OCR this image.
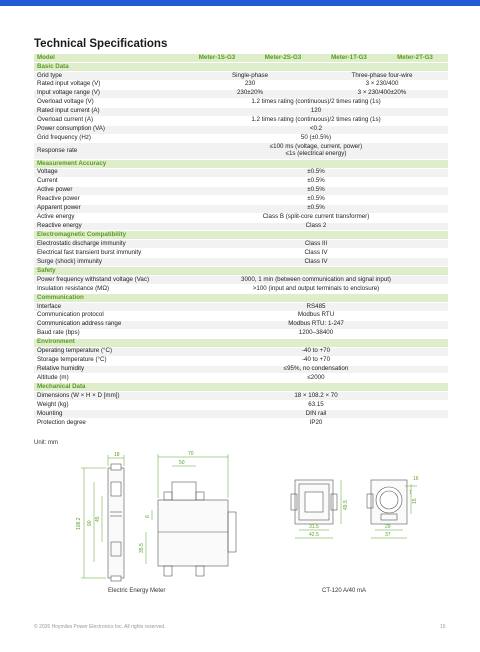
Technical Specifications
Model	Meter-1S-G3	Meter-2S-G3	Meter-1T-G3	Meter-2T-G3
Basic Data				
Grid type	Single-phase		Three-phase four-wire	
Rated input voltage (V)	230		3 × 230/400	
Input voltage range (V)	230±20%		3 × 230/400±20%	
Overload voltage (V)	1.2 times rating (continuous)/2 times rating (1s)			
Rated input current (A)	120			
Overload current (A)	1.2 times rating (continuous)/2 times rating (1s)			
Power consumption (VA)	<0.2			
Grid frequency (Hz)	50 (±0.5%)			
Response rate	≤100 ms (voltage, current, power)
≤1s (electrical energy)			

Measurement Accuracy				
Voltage	±0.5%			
Current	±0.5%			
Active power	±0.5%			
Reactive power	±0.5%			
Apparent power	±0.5%			
Active energy	Class B (split-core current transformer)			
Reactive energy	Class 2			
Electromagnetic Compatibility				
Electrostatic discharge immunity	Class III			
Electrical fast transient burst immunity	Class IV			
Surge (shock) immunity	Class IV			
Safety				
Power frequency withstand voltage (Vac)	3000, 1 min (between communication and signal input)			
Insulation resistance (MΩ)	>100 (input and output terminals to enclosure)			
Communication				
Interface	RS485			
Communication protocol	Modbus RTU			
Communication address range	Modbus RTU: 1-247			
Baud rate (bps)	1200–38400			
Environment				
Operating temperature (°C)	-40 to +70			
Storage temperature (°C)	-40 to +70			
Relative humidity	≤95%, no condensation			
Altitude (m)	≤2000			
Mechanical Data				
Dimensions (W × H × D [mm])	18 × 108.2 × 70			
Weight (kg)	63.15			
Mounting	DIN rail			
Protection degree	IP20			
Unit: mm
18
108.2 90
45
70
50
35.5
6
Electric Energy Meter
31.5
42.5
49.5
29
37
16
15
7
CT-120 A/40 mA
© 2026 Hoymiles Power Electronics Inc. All rights reserved.	15
